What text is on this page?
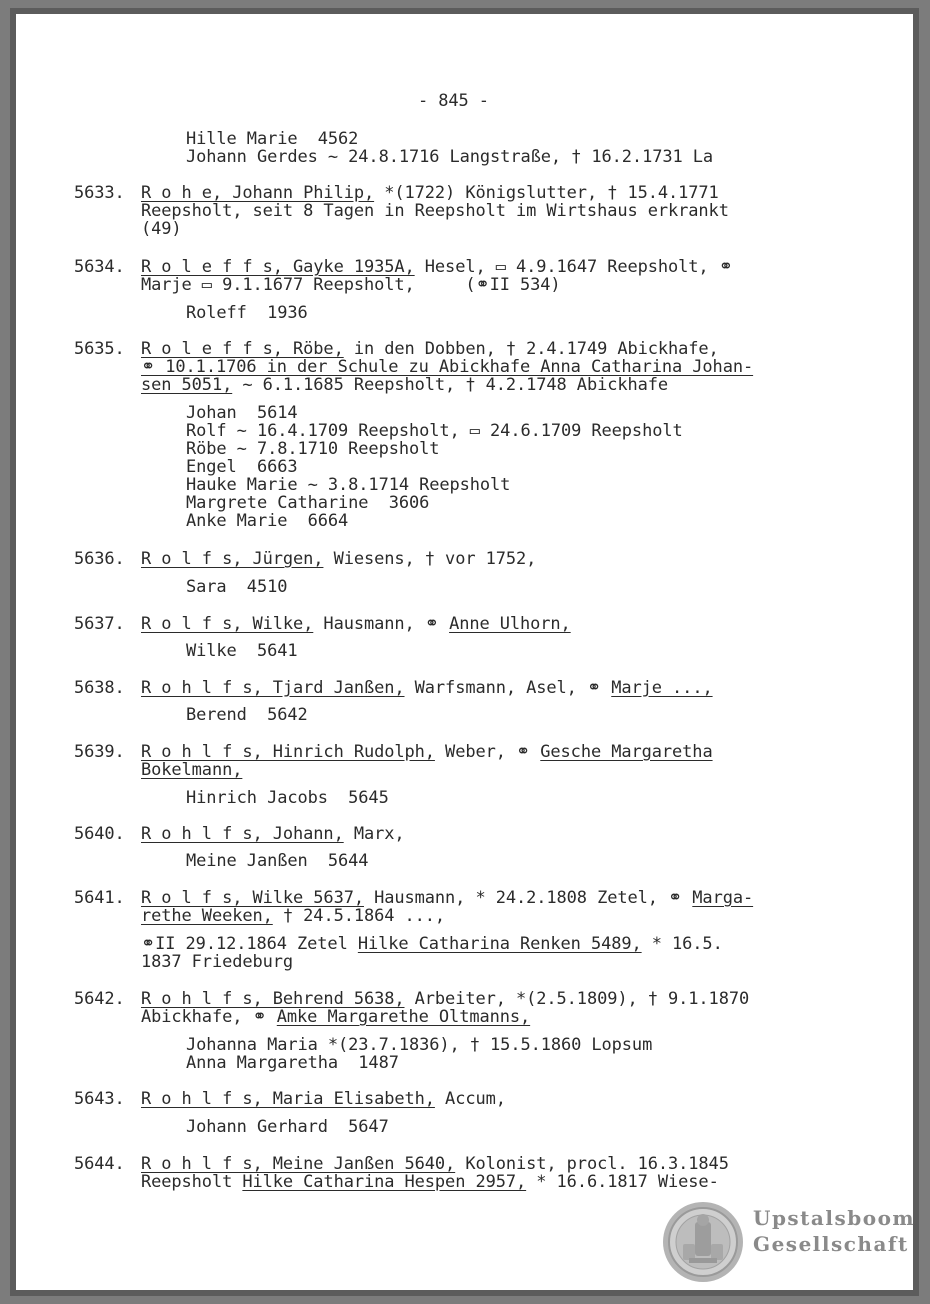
- 845 -
Hille Marie  4562
Johann Gerdes ~ 24.8.1716 Langstraße, † 16.2.1731 La
5633. R o h e, Johann Philip, *(1722) Königslutter, † 15.4.1771
Reepsholt, seit 8 Tagen in Reepsholt im Wirtshaus erkrankt
(49)
5634. R o l e f f s, Gayke 1935A, Hesel, ▭ 4.9.1647 Reepsholt, ⚭
Marje ▭ 9.1.1677 Reepsholt,     (⚭II 534)
Roleff  1936
5635. R o l e f f s, Röbe, in den Dobben, † 2.4.1749 Abickhafe,
⚭ 10.1.1706 in der Schule zu Abickhafe Anna Catharina Johan-
sen 5051, ~ 6.1.1685 Reepsholt, † 4.2.1748 Abickhafe
Johan  5614
Rolf ~ 16.4.1709 Reepsholt, ▭ 24.6.1709 Reepsholt
Röbe ~ 7.8.1710 Reepsholt
Engel  6663
Hauke Marie ~ 3.8.1714 Reepsholt
Margrete Catharine  3606
Anke Marie  6664
5636. R o l f s, Jürgen, Wiesens, † vor 1752,
Sara  4510
5637. R o l f s, Wilke, Hausmann, ⚭ Anne Ulhorn,
Wilke  5641
5638. R o h l f s, Tjard Janßen, Warfsmann, Asel, ⚭ Marje ...,
Berend  5642
5639. R o h l f s, Hinrich Rudolph, Weber, ⚭ Gesche Margaretha
Bokelmann,
Hinrich Jacobs  5645
5640. R o h l f s, Johann, Marx,
Meine Janßen  5644
5641. R o l f s, Wilke 5637, Hausmann, * 24.2.1808 Zetel, ⚭ Marga-
rethe Weeken, † 24.5.1864 ...,
⚭II 29.12.1864 Zetel Hilke Catharina Renken 5489, * 16.5.
1837 Friedeburg
5642. R o h l f s, Behrend 5638, Arbeiter, *(2.5.1809), † 9.1.1870
Abickhafe, ⚭ Amke Margarethe Oltmanns,
Johanna Maria *(23.7.1836), † 15.5.1860 Lopsum
Anna Margaretha  1487
5643. R o h l f s, Maria Elisabeth, Accum,
Johann Gerhard  5647
5644. R o h l f s, Meine Janßen 5640, Kolonist, procl. 16.3.1845
Reepsholt Hilke Catharina Hespen 2957, * 16.6.1817 Wiese-
Upstalsboom
Gesellschaft
